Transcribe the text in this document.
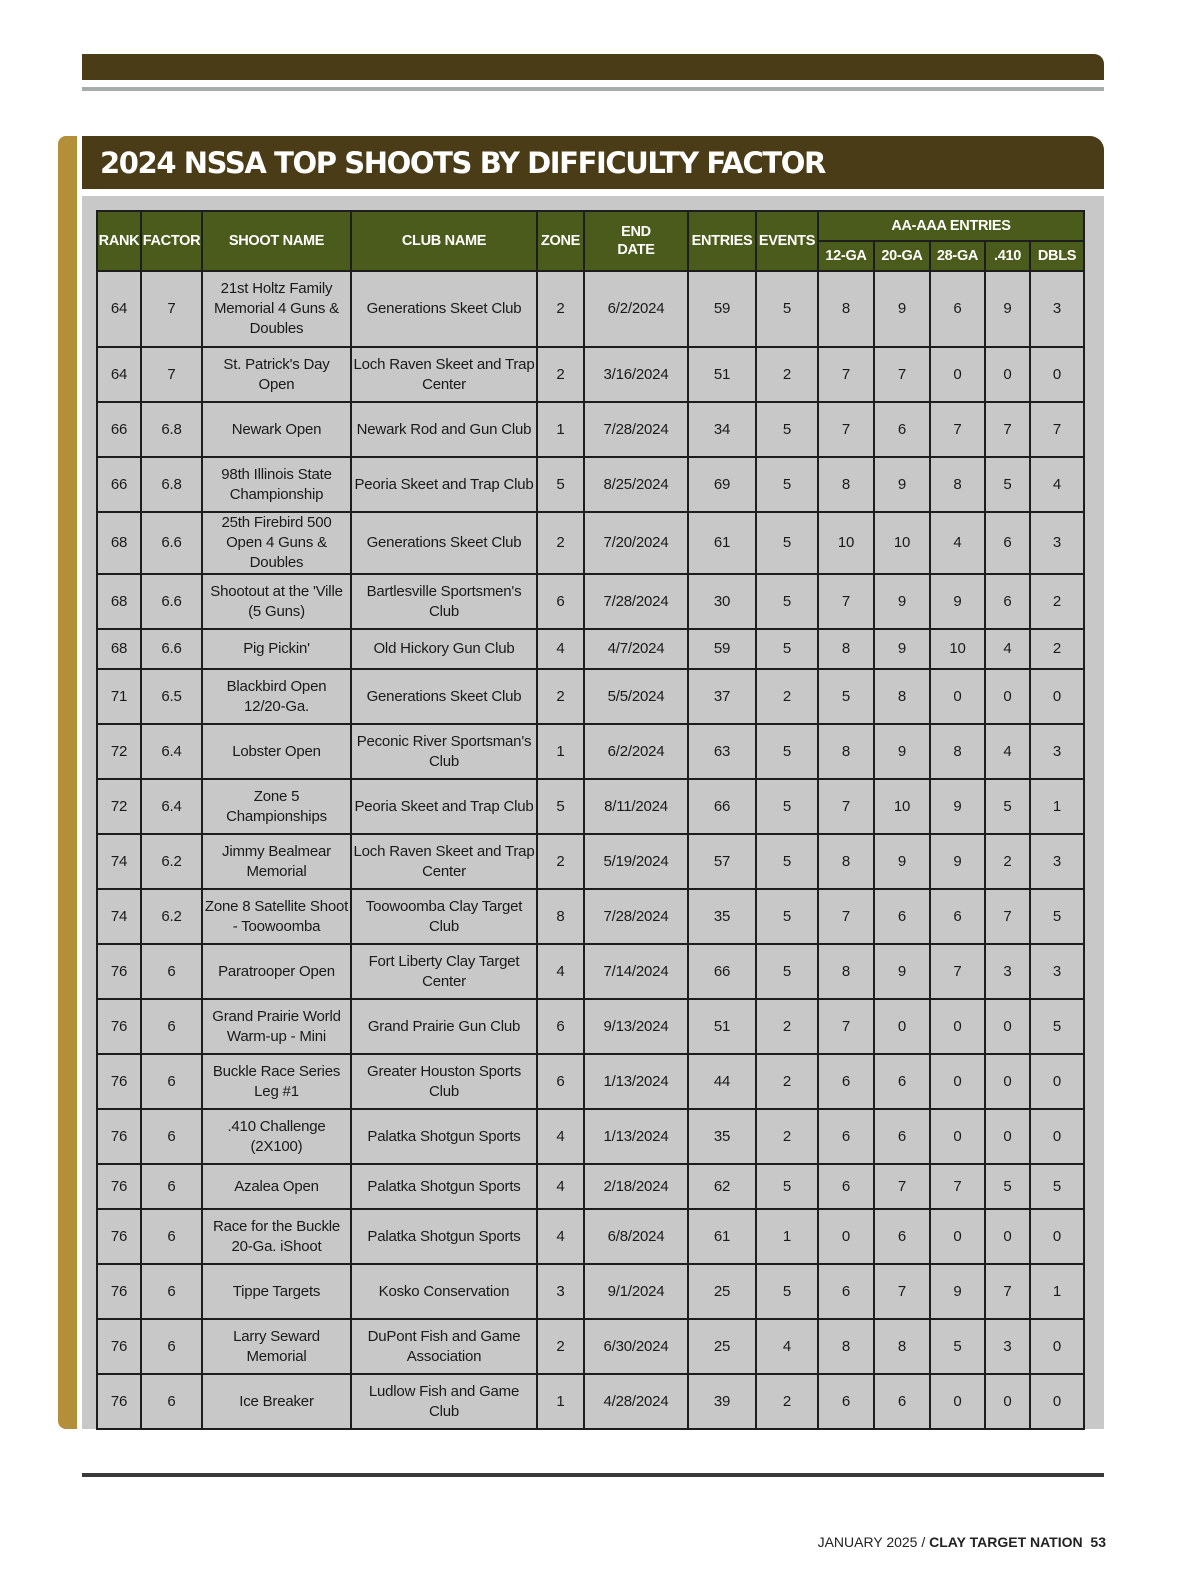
2024 NSSA TOP SHOOTS BY DIFFICULTY FACTOR
RANK	FACTOR	SHOOT NAME	CLUB NAME	ZONE	END
DATE	ENTRIES	EVENTS	AA-AAA ENTRIES				
								12-GA	20-GA	28-GA	.410	DBLS
64	7	21st Holtz Family Memorial 4 Guns & Doubles	Generations Skeet Club	2	6/2/2024	59	5	8	9	6	9	3
64	7	St. Patrick's Day Open	Loch Raven Skeet and Trap Center	2	3/16/2024	51	2	7	7	0	0	0
66	6.8	Newark Open	Newark Rod and Gun Club	1	7/28/2024	34	5	7	6	7	7	7
66	6.8	98th Illinois State Championship	Peoria Skeet and Trap Club	5	8/25/2024	69	5	8	9	8	5	4
68	6.6	25th Firebird 500 Open 4 Guns & Doubles	Generations Skeet Club	2	7/20/2024	61	5	10	10	4	6	3
68	6.6	Shootout at the 'Ville (5 Guns)	Bartlesville Sportsmen's Club	6	7/28/2024	30	5	7	9	9	6	2
68	6.6	Pig Pickin'	Old Hickory Gun Club	4	4/7/2024	59	5	8	9	10	4	2
71	6.5	Blackbird Open 12/20-Ga.	Generations Skeet Club	2	5/5/2024	37	2	5	8	0	0	0
72	6.4	Lobster Open	Peconic River Sportsman's Club	1	6/2/2024	63	5	8	9	8	4	3
72	6.4	Zone 5 Championships	Peoria Skeet and Trap Club	5	8/11/2024	66	5	7	10	9	5	1
74	6.2	Jimmy Bealmear Memorial	Loch Raven Skeet and Trap Center	2	5/19/2024	57	5	8	9	9	2	3
74	6.2	Zone 8 Satellite Shoot - Toowoomba	Toowoomba Clay Target Club	8	7/28/2024	35	5	7	6	6	7	5
76	6	Paratrooper Open	Fort Liberty Clay Target Center	4	7/14/2024	66	5	8	9	7	3	3
76	6	Grand Prairie World Warm-up - Mini	Grand Prairie Gun Club	6	9/13/2024	51	2	7	0	0	0	5
76	6	Buckle Race Series Leg #1	Greater Houston Sports Club	6	1/13/2024	44	2	6	6	0	0	0
76	6	.410 Challenge (2X100)	Palatka Shotgun Sports	4	1/13/2024	35	2	6	6	0	0	0
76	6	Azalea Open	Palatka Shotgun Sports	4	2/18/2024	62	5	6	7	7	5	5
76	6	Race for the Buckle 20-Ga. iShoot	Palatka Shotgun Sports	4	6/8/2024	61	1	0	6	0	0	0
76	6	Tippe Targets	Kosko Conservation	3	9/1/2024	25	5	6	7	9	7	1
76	6	Larry Seward Memorial	DuPont Fish and Game Association	2	6/30/2024	25	4	8	8	5	3	0
76	6	Ice Breaker	Ludlow Fish and Game Club	1	4/28/2024	39	2	6	6	0	0	0
JANUARY 2025 / CLAY TARGET NATION 53
